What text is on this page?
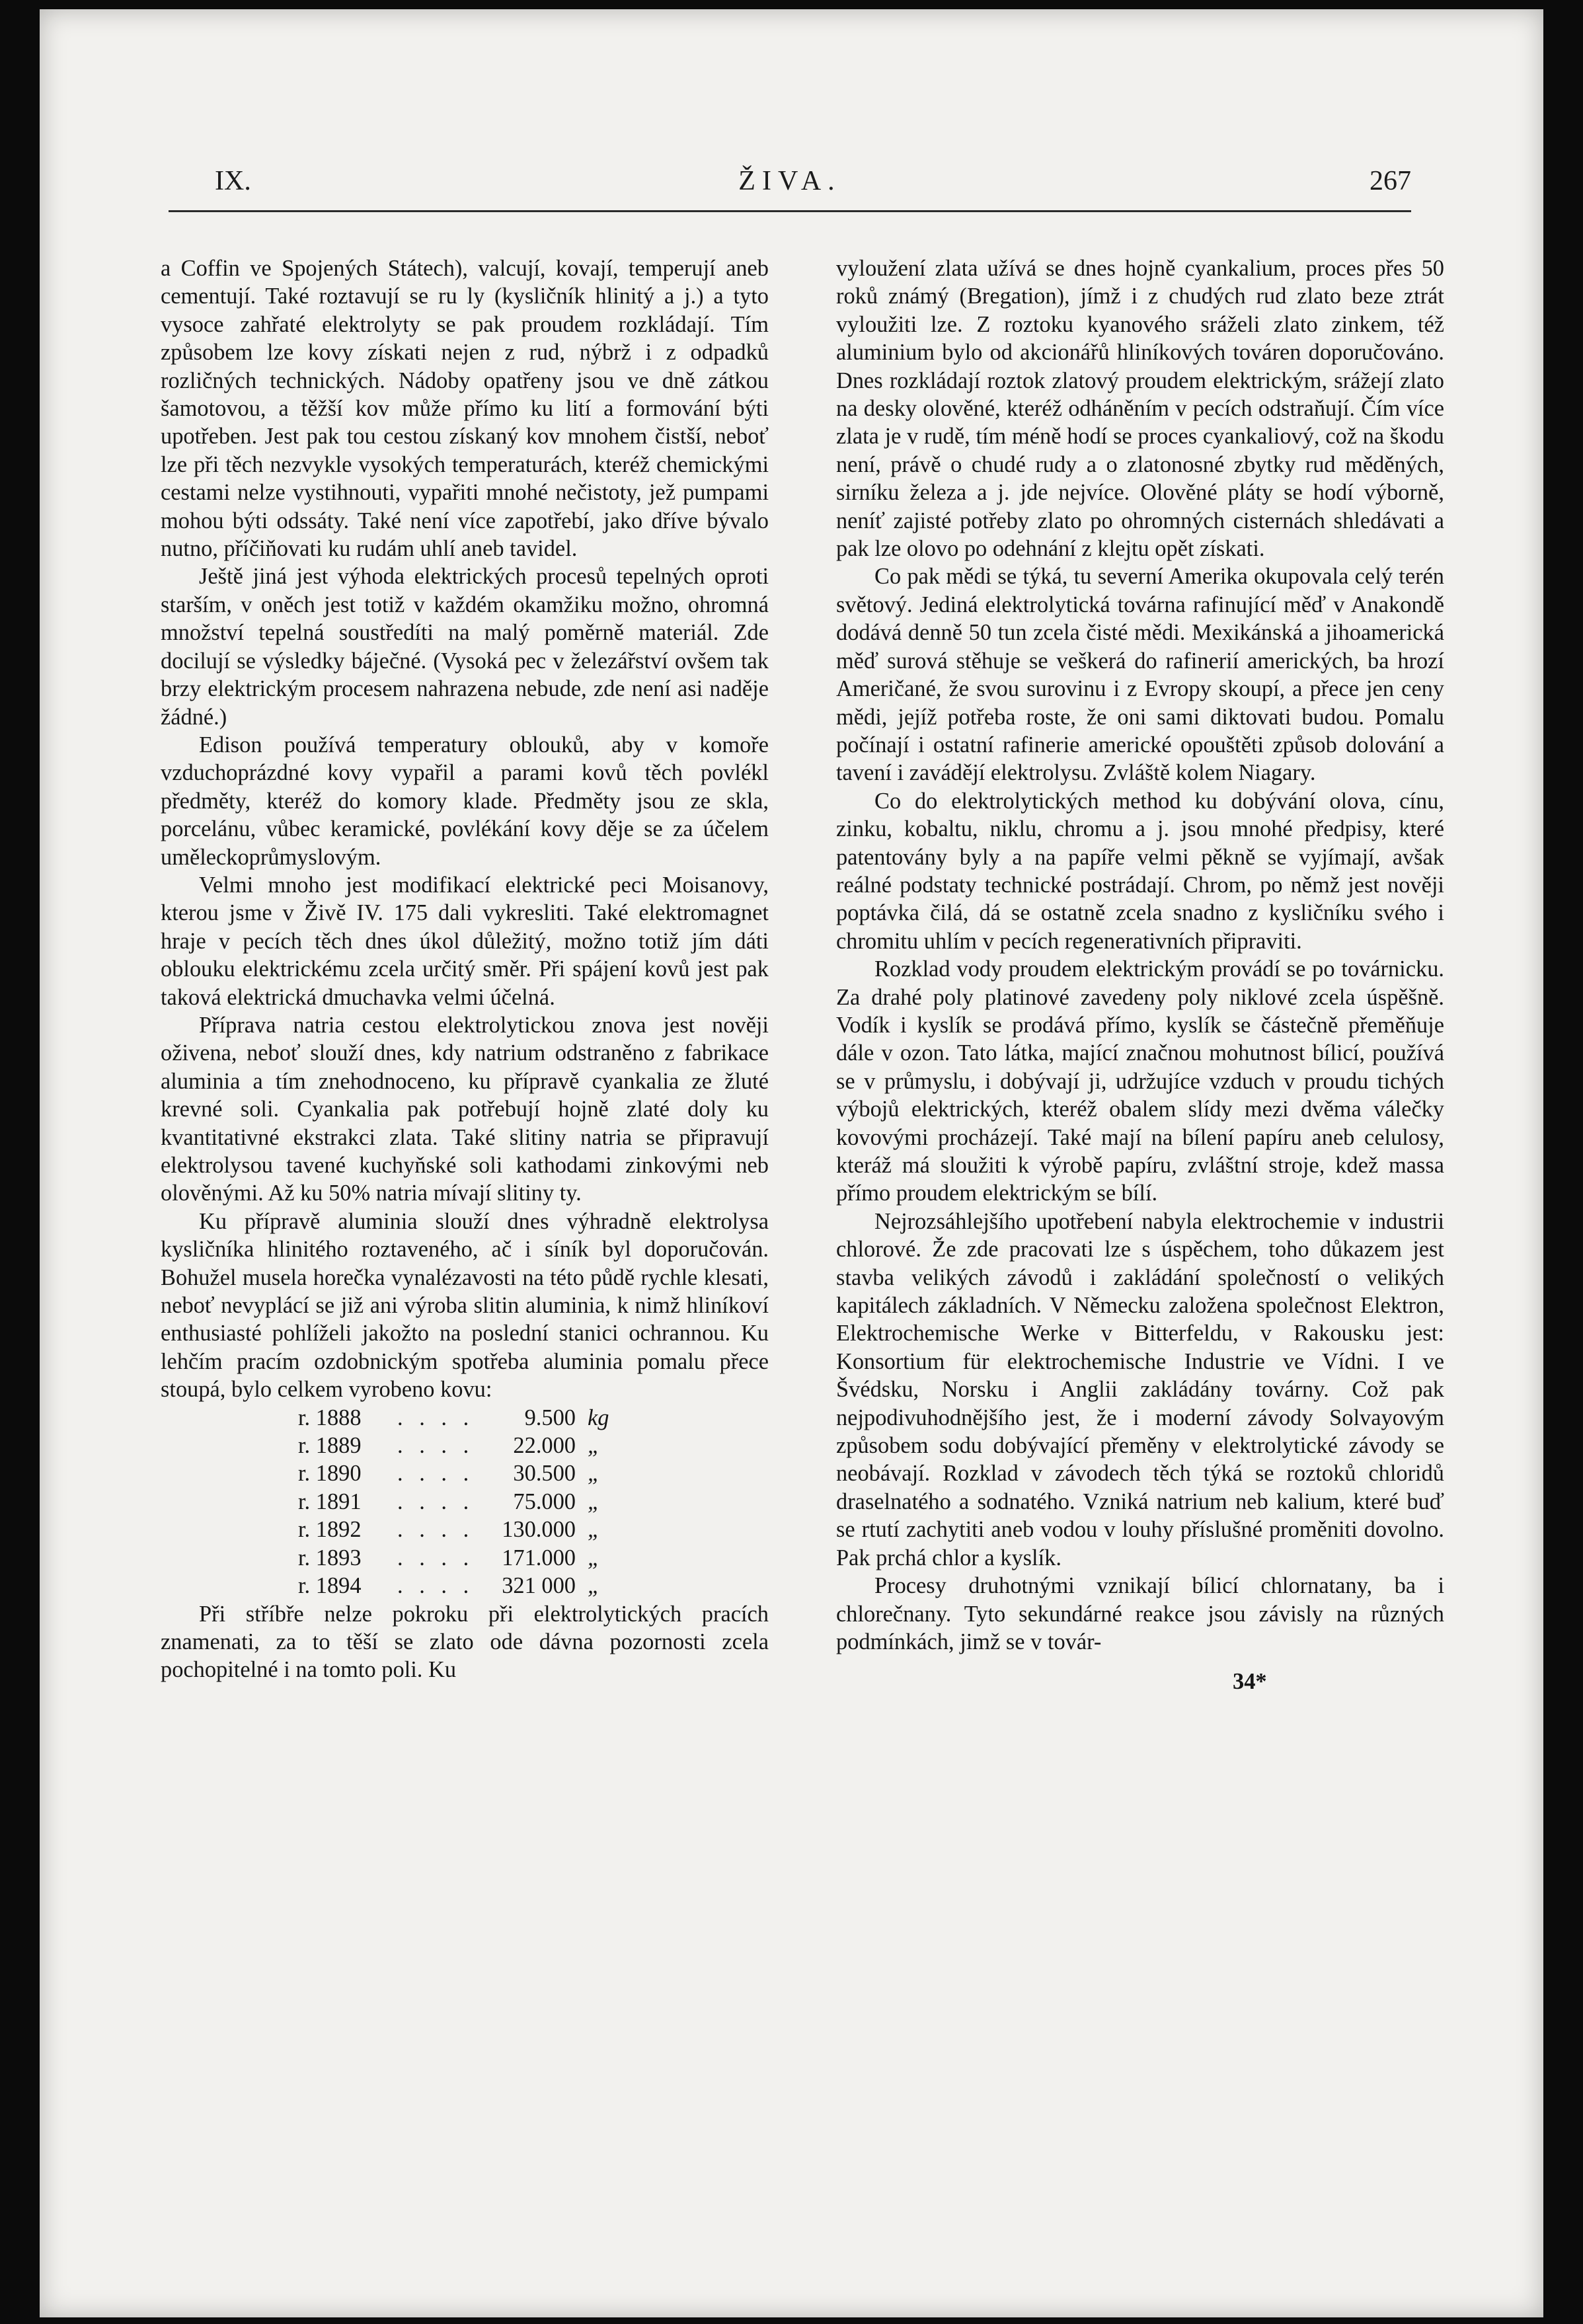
IX.	ŽIVA.	267

a Coffin ve Spojených Státech), valcují, kovají, temperují aneb cementují. Také roztavují se ru ly (kysličník hlinitý a j.) a tyto vysoce zahřaté elektrolyty se pak proudem rozkládají. Tím způsobem lze kovy získati nejen z rud, nýbrž i z odpadků rozličných technických. Nádoby opatřeny jsou ve dně zátkou šamotovou, a těžší kov může přímo ku lití a formování býti upotřeben. Jest pak tou cestou získaný kov mnohem čistší, neboť lze při těch nezvykle vysokých temperaturách, kteréž chemickými cestami nelze vystihnouti, vypařiti mnohé nečistoty, jež pumpami mohou býti odssáty. Také není více zapotřebí, jako dříve bývalo nutno, příčiňovati ku rudám uhlí aneb tavidel.

Ještě jiná jest výhoda elektrických procesů tepelných oproti starším, v oněch jest totiž v každém okamžiku možno, ohromná množství tepelná soustředíti na malý poměrně materiál. Zde docilují se výsledky báječné. (Vysoká pec v železářství ovšem tak brzy elektrickým procesem nahrazena nebude, zde není asi naděje žádné.)

Edison používá temperatury oblouků, aby v komoře vzduchoprázdné kovy vypařil a parami kovů těch povlékl předměty, kteréž do komory klade. Předměty jsou ze skla, porcelánu, vůbec keramické, povlékání kovy děje se za účelem uměleckoprůmyslovým.

Velmi mnoho jest modifikací elektrické peci Moisanovy, kterou jsme v Živě IV. 175 dali vykresliti. Také elektromagnet hraje v pecích těch dnes úkol důležitý, možno totiž jím dáti oblouku elektrickému zcela určitý směr. Při spájení kovů jest pak taková elektrická dmuchavka velmi účelná.

Příprava natria cestou elektrolytickou znova jest nověji oživena, neboť slouží dnes, kdy natrium odstraněno z fabrikace aluminia a tím znehodnoceno, ku přípravě cyankalia ze žluté krevné soli. Cyankalia pak potřebují hojně zlaté doly ku kvantitativné ekstrakci zlata. Také slitiny natria se připravují elektrolysou tavené kuchyňské soli kathodami zinkovými neb olověnými. Až ku 50% natria mívají slitiny ty.

Ku přípravě aluminia slouží dnes výhradně elektrolysa kysličníka hlinitého roztaveného, ač i síník byl doporučován. Bohužel musela horečka vynalézavosti na této půdě rychle klesati, neboť nevyplácí se již ani výroba slitin aluminia, k nimž hliníkoví enthusiasté pohlíželi jakožto na poslední stanici ochrannou. Ku lehčím pracím ozdobnickým spotřeba aluminia pomalu přece stoupá, bylo celkem vyrobeno kovu:

r. 1888	. . . .	9.500	kg
r. 1889	. . . .	22.000	„
r. 1890	. . . .	30.500	„
r. 1891	. . . .	75.000	„
r. 1892	. . . .	130.000	„
r. 1893	. . . .	171.000	„
r. 1894	. . . .	321 000	„

Při stříbře nelze pokroku při elektrolytických pracích znamenati, za to těší se zlato ode dávna pozornosti zcela pochopitelné i na tomto poli. Ku

vyloužení zlata užívá se dnes hojně cyankalium, proces přes 50 roků známý (Bregation), jímž i z chudých rud zlato beze ztrát vyloužiti lze. Z roztoku kyanového sráželi zlato zinkem, též aluminium bylo od akcionářů hliníkových továren doporučováno. Dnes rozkládají roztok zlatový proudem elektrickým, srážejí zlato na desky olověné, kteréž odháněním v pecích odstraňují. Čím více zlata je v rudě, tím méně hodí se proces cyankaliový, což na škodu není, právě o chudé rudy a o zlatonosné zbytky rud měděných, sirníku železa a j. jde nejvíce. Olověné pláty se hodí výborně, neníť zajisté potřeby zlato po ohromných cisternách shledávati a pak lze olovo po odehnání z klejtu opět získati.

Co pak mědi se týká, tu severní Amerika okupovala celý terén světový. Jediná elektrolytická továrna rafinující měď v Anakondě dodává denně 50 tun zcela čisté mědi. Mexikánská a jihoamerická měď surová stěhuje se veškerá do rafinerií amerických, ba hrozí Američané, že svou surovinu i z Evropy skoupí, a přece jen ceny mědi, jejíž potřeba roste, že oni sami diktovati budou. Pomalu počínají i ostatní rafinerie americké opouštěti způsob dolování a tavení i zavádějí elektrolysu. Zvláště kolem Niagary.

Co do elektrolytických method ku dobývání olova, cínu, zinku, kobaltu, niklu, chromu a j. jsou mnohé předpisy, které patentovány byly a na papíře velmi pěkně se vyjímají, avšak reálné podstaty technické postrádají. Chrom, po němž jest nověji poptávka čilá, dá se ostatně zcela snadno z kysličníku svého i chromitu uhlím v pecích regenerativních připraviti.

Rozklad vody proudem elektrickým provádí se po továrnicku. Za drahé poly platinové zavedeny poly niklové zcela úspěšně. Vodík i kyslík se prodává přímo, kyslík se částečně přeměňuje dále v ozon. Tato látka, mající značnou mohutnost bílicí, používá se v průmyslu, i dobývají ji, udržujíce vzduch v proudu tichých výbojů elektrických, kteréž obalem slídy mezi dvěma válečky kovovými procházejí. Také mají na bílení papíru aneb celulosy, kteráž má sloužiti k výrobě papíru, zvláštní stroje, kdež massa přímo proudem elektrickým se bílí.

Nejrozsáhlejšího upotřebení nabyla elektrochemie v industrii chlorové. Že zde pracovati lze s úspěchem, toho důkazem jest stavba velikých závodů i zakládání společností o velikých kapitálech základních. V Německu založena společnost Elektron, Elektrochemische Werke v Bitterfeldu, v Rakousku jest: Konsortium für elektrochemische Industrie ve Vídni. I ve Švédsku, Norsku i Anglii zakládány továrny. Což pak nejpodivuhodnějšího jest, že i moderní závody Solvayovým způsobem sodu dobývající přeměny v elektrolytické závody se neobávají. Rozklad v závodech těch týká se roztoků chloridů draselnatého a sodnatého. Vzniká natrium neb kalium, které buď se rtutí zachytiti aneb vodou v louhy příslušné proměniti dovolno. Pak prchá chlor a kyslík.

Procesy druhotnými vznikají bílicí chlornatany, ba i chlorečnany. Tyto sekundárné reakce jsou závisly na různých podmínkách, jimž se v továr-

34*
